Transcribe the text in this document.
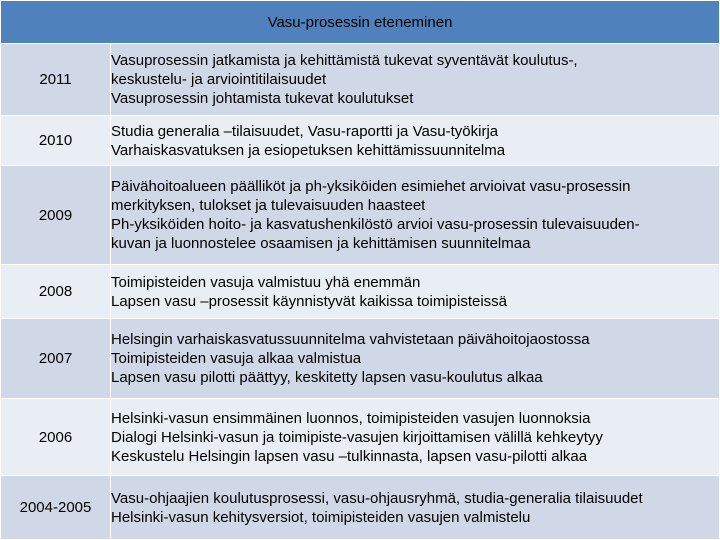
Vasu-prosessin eteneminen	
2011	Vasuprosessin jatkamista ja kehittämistä tukevat syventävät koulutus-,
keskustelu- ja arviointitilaisuudet
Vasuprosessin johtamista tukevat koulutukset

2010	Studia generalia –tilaisuudet, Vasu-raportti ja Vasu-työkirja
Varhaiskasvatuksen ja esiopetuksen kehittämissuunnitelma

2009	Päivähoitoalueen päälliköt ja ph-yksiköiden esimiehet arvioivat vasu-prosessin
merkityksen, tulokset ja tulevaisuuden haasteet
Ph-yksiköiden hoito- ja kasvatushenkilöstö arvioi vasu-prosessin tulevaisuuden-
kuvan ja luonnostelee osaamisen ja kehittämisen suunnitelmaa

2008	Toimipisteiden vasuja valmistuu yhä enemmän
Lapsen vasu –prosessit käynnistyvät kaikissa toimipisteissä

2007	Helsingin varhaiskasvatussuunnitelma vahvistetaan päivähoitojaostossa
Toimipisteiden vasuja alkaa valmistua
Lapsen vasu pilotti päättyy, keskitetty lapsen vasu-koulutus alkaa

2006	Helsinki-vasun ensimmäinen luonnos, toimipisteiden vasujen luonnoksia
Dialogi Helsinki-vasun ja toimipiste-vasujen kirjoittamisen välillä kehkeytyy
Keskustelu Helsingin lapsen vasu –tulkinnasta, lapsen vasu-pilotti alkaa

2004-2005	Vasu-ohjaajien koulutusprosessi, vasu-ohjausryhmä, studia-generalia tilaisuudet
Helsinki-vasun kehitysversiot, toimipisteiden vasujen valmistelu
